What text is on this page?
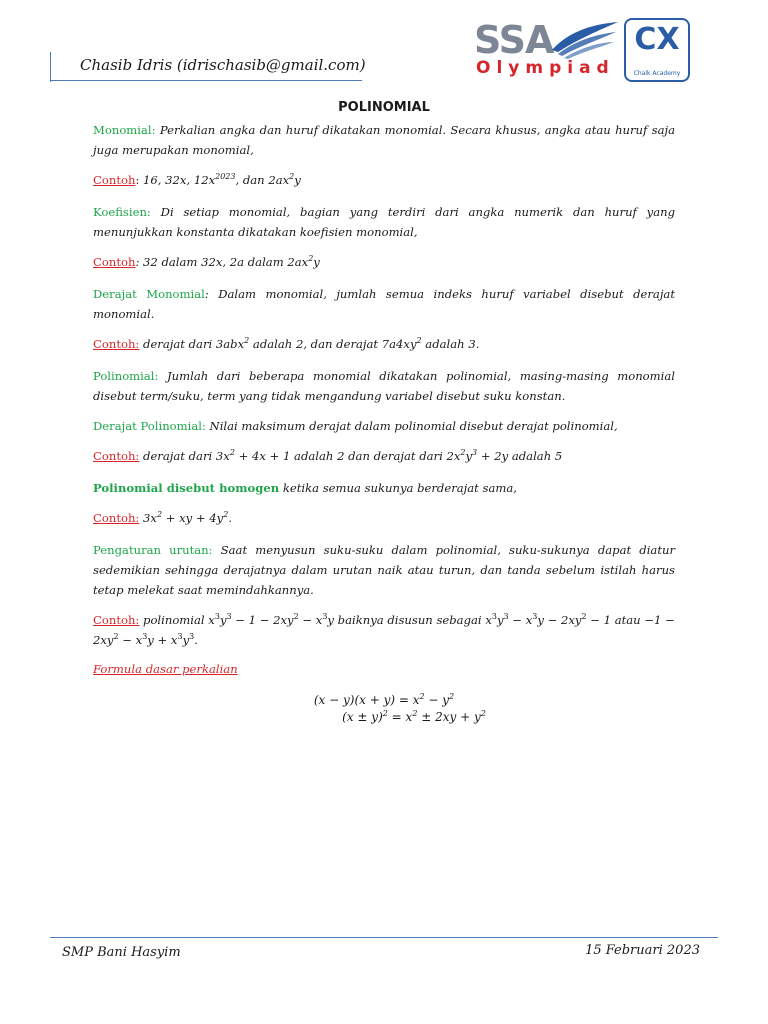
Chasib Idris (idrischasib@gmail.com)
SSA
Olympiad
CX
Chalk Academy
POLINOMIAL

Monomial: Perkalian angka dan huruf dikatakan monomial. Secara khusus, angka atau huruf saja juga merupakan monomial,

Contoh: 16, 32x, $12x^{2023}$, dan $2ax^2y$

Koefisien: Di setiap monomial, bagian yang terdiri dari angka numerik dan huruf yang menunjukkan konstanta dikatakan koefisien monomial,

Contoh: 32 dalam 32x, 2a dalam $2ax^2y$

Derajat Monomial: Dalam monomial, jumlah semua indeks huruf variabel disebut derajat monomial.

Contoh: derajat dari 3abx$^2$ adalah 2, dan derajat $7a4xy^2$ adalah 3.

Polinomial: Jumlah dari beberapa monomial dikatakan polinomial, masing-masing monomial disebut term/suku, term yang tidak mengandung variabel disebut suku konstan.

Derajat Polinomial: Nilai maksimum derajat dalam polinomial disebut derajat polinomial,

Contoh: derajat dari $3x^2 + 4x + 1$ adalah 2 dan derajat dari $2x^2y^3 + 2y$ adalah 5

Polinomial disebut homogen ketika semua sukunya berderajat sama,

Contoh: $3x^2$ + xy + $4y^2$.

Pengaturan urutan: Saat menyusun suku-suku dalam polinomial, suku-sukunya dapat diatur sedemikian sehingga derajatnya dalam urutan naik atau turun, dan tanda sebelum istilah harus tetap melekat saat memindahkannya.

Contoh: polinomial $x^3y^3 - 1 - 2xy^2 - x^3y$ baiknya disusun sebagai $x^3y^3 - x^3y - 2xy^2 - 1$ atau $-1 - 2xy^2 - x^3y + x^3y^3$.

Formula dasar perkalian
$(x - y)(x + y) = x^2 - y^2$
$(x \pm y)^2 = x^2 \pm 2xy + y^2$
SMP Bani Hasyim	15 Februari 2023
